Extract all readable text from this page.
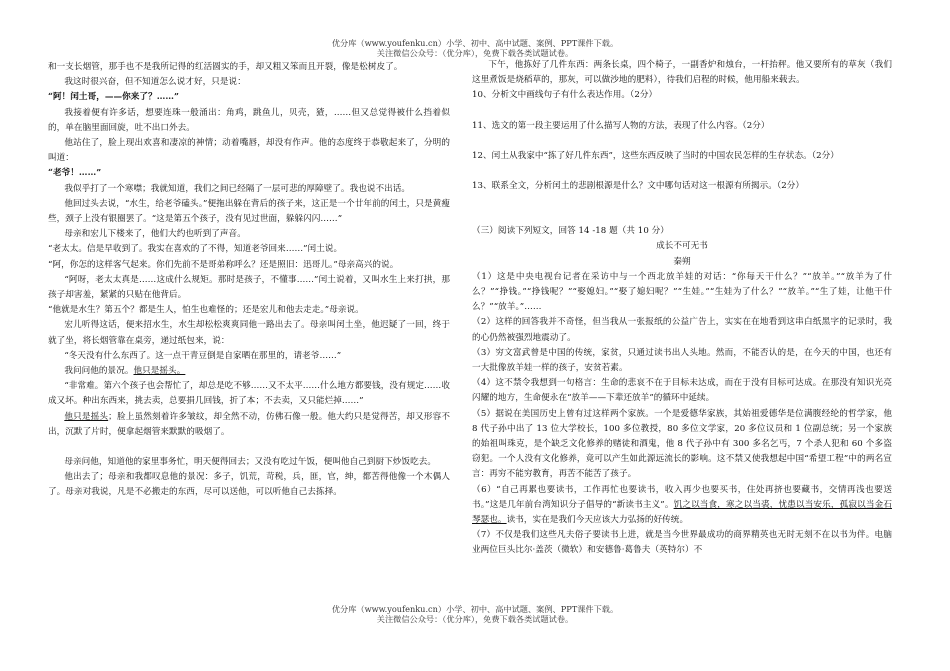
优分库（www.youfenku.cn）小学、初中、高中试题、案例、PPT课件下载。
关注微信公众号：（优分库），免费下载各类试题试卷。

和一支长烟管，那手也不是我所记得的红活圆实的手，却又粗又笨而且开裂，像是松树皮了。

我这时很兴奋，但不知道怎么说才好，只是说：

“阿！闰土哥，——你来了？……”

我接着便有许多话，想要连珠一般涌出：角鸡，跳鱼儿，贝壳，猹，……但又总觉得被什么挡着似的，单在脑里面回旋，吐不出口外去。

他站住了，脸上现出欢喜和凄凉的神情；动着嘴唇，却没有作声。他的态度终于恭敬起来了，分明的叫道：

“老爷！……”

我似乎打了一个寒噤；我就知道，我们之间已经隔了一层可悲的厚障壁了。我也说不出话。

他回过头去说，“水生，给老爷磕头。”便拖出躲在背后的孩子来，这正是一个廿年前的闰土，只是黄瘦些，颈子上没有银圈罢了。“这是第五个孩子，没有见过世面，躲躲闪闪……”

母亲和宏儿下楼来了，他们大约也听到了声音。

“老太太。信是早收到了。我实在喜欢的了不得，知道老爷回来……”闰土说。

“阿，你怎的这样客气起来。你们先前不是哥弟称呼么？还是照旧：迅哥儿。”母亲高兴的说。

“阿呀，老太太真是……这成什么规矩。那时是孩子，不懂事……”闰土说着，又叫水生上来打拱，那孩子却害羞，紧紧的只贴在他背后。

“他就是水生？第五个？都是生人，怕生也难怪的；还是宏儿和他去走走。”母亲说。

宏儿听得这话，便来招水生，水生却松松爽爽同他一路出去了。母亲叫闰土坐，他迟疑了一回，终于就了坐，将长烟管靠在桌旁，递过纸包来，说：

“冬天没有什么东西了。这一点干青豆倒是自家晒在那里的，请老爷……”

我问问他的景况。他只是摇头。

“非常难。第六个孩子也会帮忙了，却总是吃不够……又不太平……什么地方都要钱，没有规定……收成又坏。种出东西来，挑去卖，总要捐几回钱，折了本；不去卖，又只能烂掉……”

他只是摇头；脸上虽然刻着许多皱纹，却全然不动，仿佛石像一般。他大约只是觉得苦，却又形容不出，沉默了片时，便拿起烟管来默默的吸烟了。

母亲问他，知道他的家里事务忙，明天便得回去；又没有吃过午饭，便叫他自己到厨下炒饭吃去。

他出去了；母亲和我都叹息他的景况：多子，饥荒，苛税，兵，匪，官，绅，都苦得他像一个木偶人了。母亲对我说，凡是不必搬走的东西，尽可以送他，可以听他自己去拣择。

下午，他拣好了几件东西：两条长桌，四个椅子，一副香炉和烛台，一杆抬秤。他又要所有的草灰（我们这里煮饭是烧稻草的，那灰，可以做沙地的肥料），待我们启程的时候，他用船来载去。

10、分析文中画线句子有什么表达作用。（2分）

11、选文的第一段主要运用了什么描写人物的方法，表现了什么内容。（2分）

12、闰土从我家中“拣了好几件东西”，这些东西反映了当时的中国农民怎样的生存状态。（2分）

13、联系全文，分析闰土的悲剧根源是什么？文中哪句话对这一根源有所揭示。（2分）

（三）阅读下列短文，回答 14 -18 题（共 10 分）

成长不可无书

秦朔

（1）这是中央电视台记者在采访中与一个西北放羊娃的对话：“你每天干什么？”“放羊。”“放羊为了什么？”“挣钱。”“挣钱呢？”“娶媳妇。”“娶了媳妇呢？”“生娃。”“生娃为了什么？”“放羊。”“生了娃，让他干什么？”“放羊。”……

（2）这样的回答我并不奇怪，但当我从一张报纸的公益广告上，实实在在地看到这串白纸黑字的记录时，我的心仍然被强烈地震动了。

（3）穷文富武曾是中国的传统，家贫，只通过读书出人头地。然而，不能否认的是，在今天的中国，也还有一大批像放羊娃一样的孩子，安贫若素。

（4）这不禁令我想到一句格言：生命的悲哀不在于目标未达成，而在于没有目标可达成。在那没有知识光亮闪耀的地方，生命便永在“放羊——下辈还放羊”的循环中延续。

（5）据说在美国历史上曾有过这样两个家族。一个是爱德华家族，其始祖爱德华是位满腹经纶的哲学家，他 8 代子孙中出了 13 位大学校长，100 多位教授，80 多位文学家，20 多位议员和 1 位副总统；另一个家族的始祖叫珠克，是个缺乏文化修养的赌徒和酒鬼，他 8 代子孙中有 300 多名乞丐，7 个杀人犯和 60 个多盗窃犯。一个人没有文化修养，竟可以产生如此源远流长的影响。这不禁又使我想起中国“希望工程”中的两名宣言：再穷不能穷教育，再苦不能苦了孩子。

（6）“自己再累也要读书，工作再忙也要读书，收入再少也要买书，住处再挤也要藏书，交情再浅也要送书。”这是几年前台湾知识分子倡导的“新读书主义”。饥之以当食，寒之以当裘，忧患以当安乐，孤寂以当金石琴瑟也。读书，实在是我们今天应该大力弘扬的好传统。

（7）不仅是我们这些凡夫俗子要读书上进，就是当今世界最成功的商界精英也无时无刻不在以书为伴。电脑业两位巨头比尔·盖茨（微软）和安德鲁·葛鲁夫（英特尔）不

优分库（www.youfenku.cn）小学、初中、高中试题、案例、PPT课件下载。
关注微信公众号：（优分库），免费下载各类试题试卷。
